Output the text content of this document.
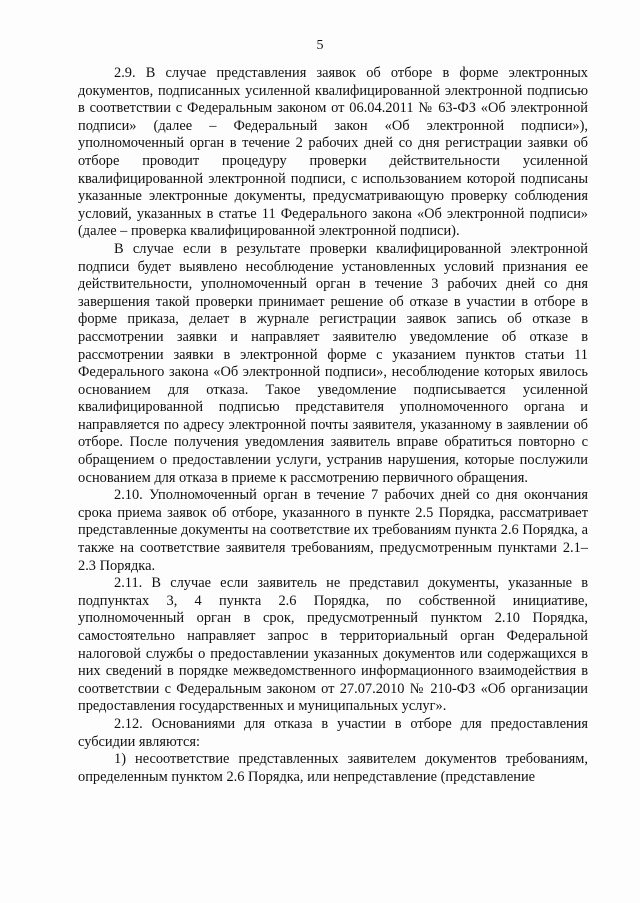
5

2.9. В случае представления заявок об отборе в форме электронных документов, подписанных усиленной квалифицированной электронной подписью в соответствии с Федеральным законом от 06.04.2011 № 63-ФЗ «Об электронной подписи» (далее – Федеральный закон «Об электронной подписи»), уполномоченный орган в течение 2 рабочих дней со дня регистрации заявки об отборе проводит процедуру проверки действительности усиленной квалифицированной электронной подписи, с использованием которой подписаны указанные электронные документы, предусматривающую проверку соблюдения условий, указанных в статье 11 Федерального закона «Об электронной подписи» (далее – проверка квалифицированной электронной подписи).

В случае если в результате проверки квалифицированной электронной подписи будет выявлено несоблюдение установленных условий признания ее действительности, уполномоченный орган в течение 3 рабочих дней со дня завершения такой проверки принимает решение об отказе в участии в отборе в форме приказа, делает в журнале регистрации заявок запись об отказе в рассмотрении заявки и направляет заявителю уведомление об отказе в рассмотрении заявки в электронной форме с указанием пунктов статьи 11 Федерального закона «Об электронной подписи», несоблюдение которых явилось основанием для отказа. Такое уведомление подписывается усиленной квалифицированной подписью представителя уполномоченного органа и направляется по адресу электронной почты заявителя, указанному в заявлении об отборе. После получения уведомления заявитель вправе обратиться повторно с обращением о предоставлении услуги, устранив нарушения, которые послужили основанием для отказа в приеме к рассмотрению первичного обращения.

2.10. Уполномоченный орган в течение 7 рабочих дней со дня окончания срока приема заявок об отборе, указанного в пункте 2.5 Порядка, рассматривает представленные документы на соответствие их требованиям пункта 2.6 Порядка, а также на соответствие заявителя требованиям, предусмотренным пунктами 2.1–2.3 Порядка.

2.11. В случае если заявитель не представил документы, указанные в подпунктах 3, 4 пункта 2.6 Порядка, по собственной инициативе, уполномоченный орган в срок, предусмотренный пунктом 2.10 Порядка, самостоятельно направляет запрос в территориальный орган Федеральной налоговой службы о предоставлении указанных документов или содержащихся в них сведений в порядке межведомственного информационного взаимодействия в соответствии с Федеральным законом от 27.07.2010 № 210-ФЗ «Об организации предоставления государственных и муниципальных услуг».

2.12. Основаниями для отказа в участии в отборе для предоставления субсидии являются:

1) несоответствие представленных заявителем документов требованиям, определенным пунктом 2.6 Порядка, или непредставление (представление
